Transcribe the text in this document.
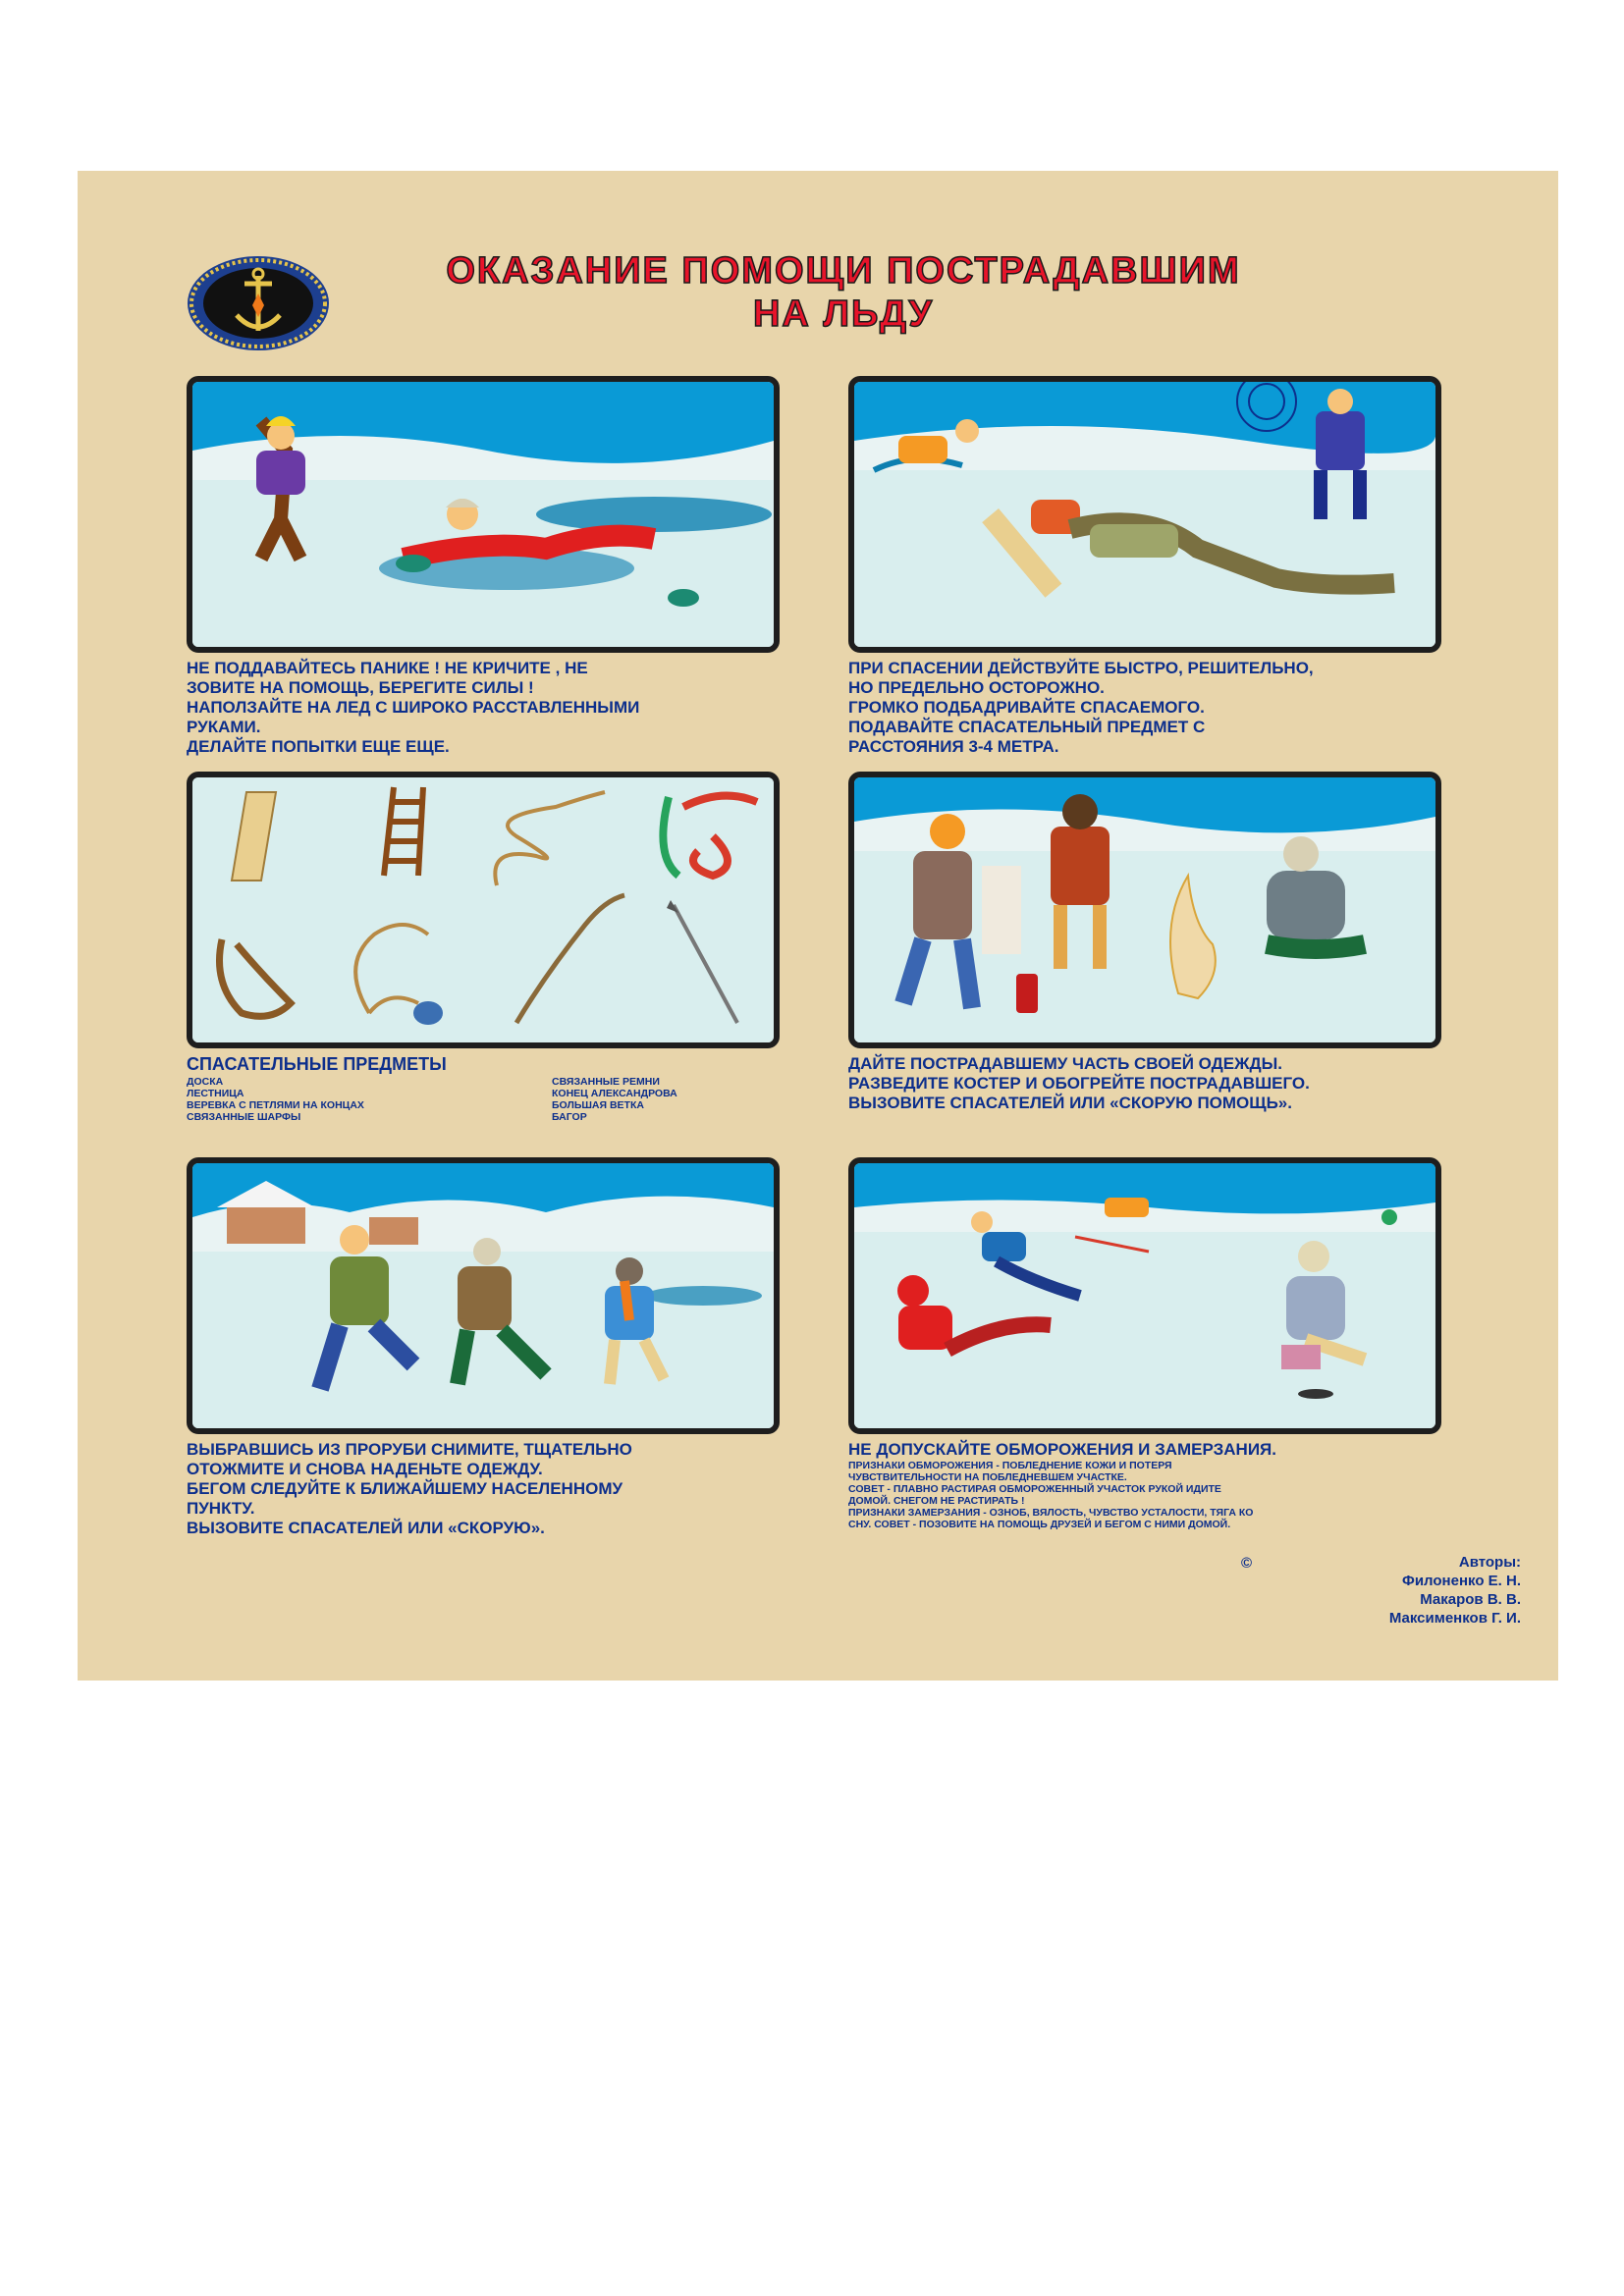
ОКАЗАНИЕ ПОМОЩИ ПОСТРАДАВШИМ
НА ЛЬДУ
НЕ ПОДДАВАЙТЕСЬ ПАНИКЕ ! НЕ КРИЧИТЕ , НЕ
ЗОВИТЕ НА ПОМОЩЬ, БЕРЕГИТЕ СИЛЫ !
НАПОЛЗАЙТЕ НА ЛЕД С ШИРОКО РАССТАВЛЕННЫМИ
РУКАМИ.
ДЕЛАЙТЕ ПОПЫТКИ ЕЩЕ ЕЩЕ.
ПРИ СПАСЕНИИ ДЕЙСТВУЙТЕ БЫСТРО, РЕШИТЕЛЬНО,
НО ПРЕДЕЛЬНО ОСТОРОЖНО.
ГРОМКО ПОДБАДРИВАЙТЕ СПАСАЕМОГО.
ПОДАВАЙТЕ СПАСАТЕЛЬНЫЙ ПРЕДМЕТ С
РАССТОЯНИЯ 3-4 МЕТРА.
СПАСАТЕЛЬНЫЕ ПРЕДМЕТЫ
ДОСКА
ЛЕСТНИЦА
ВЕРЕВКА С ПЕТЛЯМИ НА КОНЦАХ
СВЯЗАННЫЕ ШАРФЫ
СВЯЗАННЫЕ РЕМНИ
КОНЕЦ АЛЕКСАНДРОВА
БОЛЬШАЯ ВЕТКА
БАГОР
ДАЙТЕ ПОСТРАДАВШЕМУ ЧАСТЬ СВОЕЙ ОДЕЖДЫ.
РАЗВЕДИТЕ КОСТЕР И ОБОГРЕЙТЕ ПОСТРАДАВШЕГО.
ВЫЗОВИТЕ СПАСАТЕЛЕЙ ИЛИ «СКОРУЮ ПОМОЩЬ».
ВЫБРАВШИСЬ ИЗ ПРОРУБИ СНИМИТЕ, ТЩАТЕЛЬНО
ОТОЖМИТЕ И СНОВА НАДЕНЬТЕ ОДЕЖДУ.
БЕГОМ СЛЕДУЙТЕ К БЛИЖАЙШЕМУ НАСЕЛЕННОМУ
ПУНКТУ.
ВЫЗОВИТЕ СПАСАТЕЛЕЙ ИЛИ «СКОРУЮ».
НЕ ДОПУСКАЙТЕ ОБМОРОЖЕНИЯ И ЗАМЕРЗАНИЯ.
ПРИЗНАКИ ОБМОРОЖЕНИЯ - ПОБЛЕДНЕНИЕ КОЖИ И ПОТЕРЯ
ЧУВСТВИТЕЛЬНОСТИ НА ПОБЛЕДНЕВШЕМ УЧАСТКЕ.
СОВЕТ - ПЛАВНО РАСТИРАЯ ОБМОРОЖЕННЫЙ УЧАСТОК РУКОЙ ИДИТЕ
ДОМОЙ. СНЕГОМ НЕ РАСТИРАТЬ !
ПРИЗНАКИ ЗАМЕРЗАНИЯ - ОЗНОБ, ВЯЛОСТЬ, ЧУВСТВО УСТАЛОСТИ, ТЯГА КО
СНУ. СОВЕТ - ПОЗОВИТЕ НА ПОМОЩЬ ДРУЗЕЙ И БЕГОМ С НИМИ ДОМОЙ.
©	Авторы:
Филоненко Е. Н.
Макаров В. В.
Максименков Г. И.
